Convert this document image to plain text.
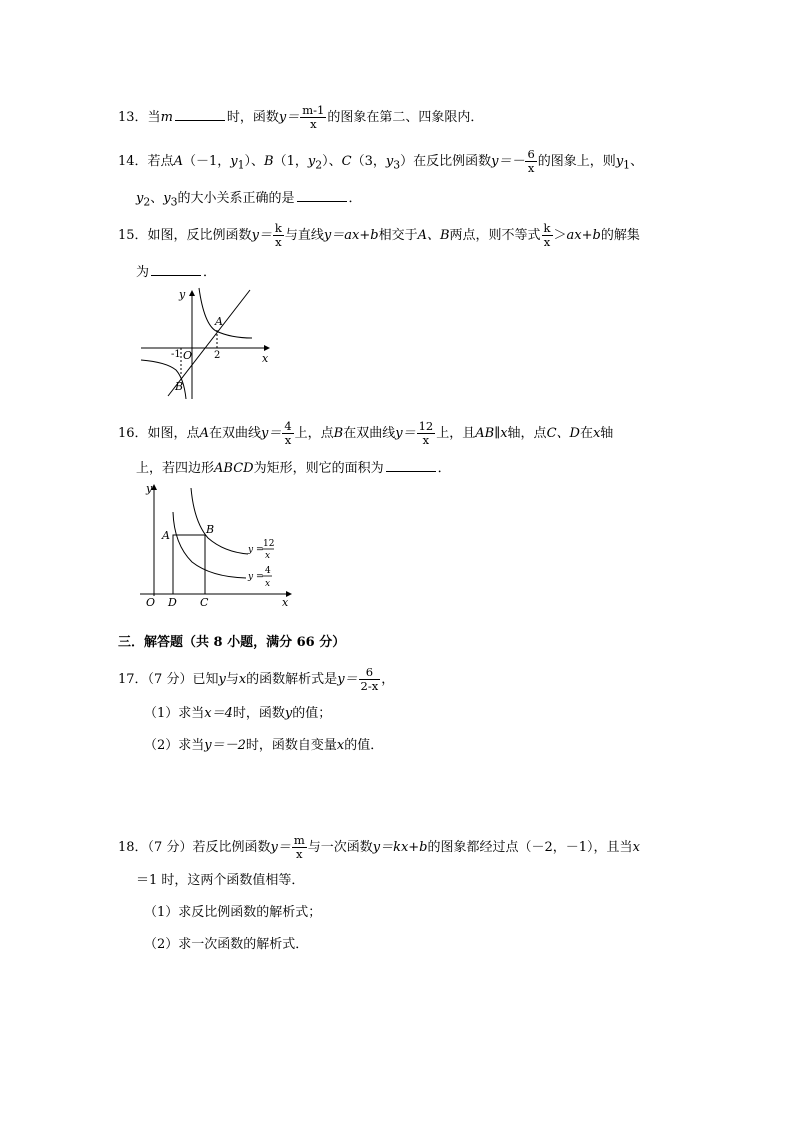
13．当m	时，函数$y= \frac{m-1}{x}$ 的图象在第二、四象限内．
14．若点A（－1，$y_1$）、B（1，$y_2$）、C（3，$y_3$）在反比例函数$y=- \frac{6}{x}$ 的图象上，则$y_1$、
$y_2$、$y_3$的大小关系正确的是	．
15．如图，反比例函数$y= \frac{k}{x}$ 与直线y＝ax+b相交于A、B两点，则不等式 $\frac{k}{x} >ax+b$的解集
为	．
y
x
A
B
O
-1	2
16．如图，点A在双曲线$y= \frac{4}{x}$ 上，点B在双曲线$y= \frac{12}{x}$ 上，且AB∥x轴，点C、D在x轴
上，若四边形ABCD为矩形，则它的面积为	．
y
x
O D C
A	B
y =
12
x
y =
4
x
三．解答题（共 8 小题，满分 66 分）
17．（7 分）已知y与x的函数解析式是$y= \frac{6}{2-x}$ ，
（1）求当x＝4时，函数y的值；
（2）求当y＝－2时，函数自变量x的值．
18．（7 分）若反比例函数$y= \frac{m}{x}$ 与一次函数y＝kx+b的图象都经过点（－2，－1），且当x
＝1 时，这两个函数值相等．
（1）求反比例函数的解析式；
（2）求一次函数的解析式．
